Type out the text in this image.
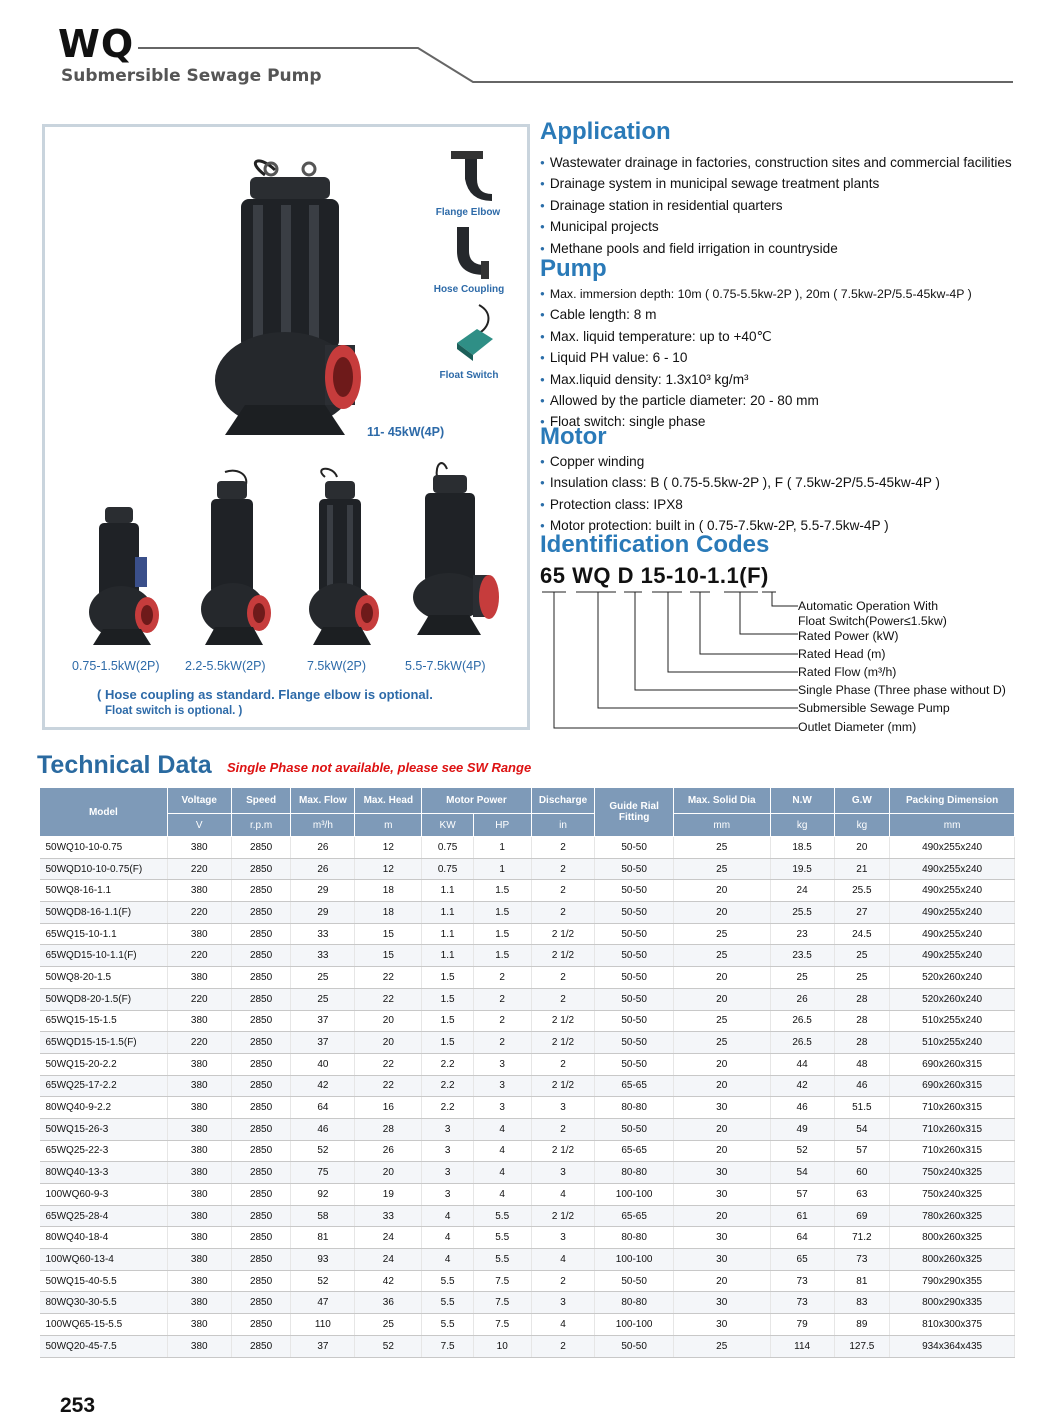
WQ
Submersible Sewage Pump
Flange Elbow
Hose Coupling
Float Switch
11- 45kW(4P)
0.75-1.5kW(2P) 2.2-5.5kW(2P)	7.5kW(2P)	5.5-7.5kW(4P)
( Hose coupling as standard. Flange elbow is optional.
Float switch is optional. )
Application
● Wastewater drainage in factories, construction sites and commercial facilities
● Drainage system in municipal sewage treatment plants
● Drainage station in residential quarters
● Municipal projects
● Methane pools and field irrigation in countryside
Pump
● Max. immersion depth: 10m ( 0.75-5.5kw-2P ), 20m ( 7.5kw-2P/5.5-45kw-4P )
● Cable length: 8 m
● Max. liquid temperature: up to +40℃
● Liquid PH value: 6 - 10
● Max.liquid density: 1.3x10³ kg/m³
● Allowed by the particle diameter: 20 - 80 mm
● Float switch: single phase
Motor
● Copper winding
● Insulation class: B ( 0.75-5.5kw-2P ), F ( 7.5kw-2P/5.5-45kw-4P )
● Protection class: IPX8
● Motor protection: built in ( 0.75-7.5kw-2P, 5.5-7.5kw-4P )
Identification Codes
65 WQ D 15-10-1.1(F)
Automatic Operation With
Float Switch(Power≤1.5kw)
Rated Power (kW)
Rated Head (m)
Rated Flow (m³/h)
Single Phase (Three phase without D)
Submersible Sewage Pump
Outlet Diameter (mm)
Technical Data Single Phase not available, please see SW Range
Model	Voltage	Speed	Max. Flow	Max. Head	Motor Power		Discharge	Guide Rial Fitting	Max. Solid Dia	N.W	G.W	Packing Dimension
	V	r.p.m	m³/h	m	KW	HP	in		mm	kg	kg	mm
50WQ10-10-0.75	380	2850	26	12	0.75	1	2	50-50	25	18.5	20	490x255x240
50WQD10-10-0.75(F)	220	2850	26	12	0.75	1	2	50-50	25	19.5	21	490x255x240
50WQ8-16-1.1	380	2850	29	18	1.1	1.5	2	50-50	20	24	25.5	490x255x240
50WQD8-16-1.1(F)	220	2850	29	18	1.1	1.5	2	50-50	20	25.5	27	490x255x240
65WQ15-10-1.1	380	2850	33	15	1.1	1.5	2 1/2	50-50	25	23	24.5	490x255x240
65WQD15-10-1.1(F)	220	2850	33	15	1.1	1.5	2 1/2	50-50	25	23.5	25	490x255x240
50WQ8-20-1.5	380	2850	25	22	1.5	2	2	50-50	20	25	25	520x260x240
50WQD8-20-1.5(F)	220	2850	25	22	1.5	2	2	50-50	20	26	28	520x260x240
65WQ15-15-1.5	380	2850	37	20	1.5	2	2 1/2	50-50	25	26.5	28	510x255x240
65WQD15-15-1.5(F)	220	2850	37	20	1.5	2	2 1/2	50-50	25	26.5	28	510x255x240
50WQ15-20-2.2	380	2850	40	22	2.2	3	2	50-50	20	44	48	690x260x315
65WQ25-17-2.2	380	2850	42	22	2.2	3	2 1/2	65-65	20	42	46	690x260x315
80WQ40-9-2.2	380	2850	64	16	2.2	3	3	80-80	30	46	51.5	710x260x315
50WQ15-26-3	380	2850	46	28	3	4	2	50-50	20	49	54	710x260x315
65WQ25-22-3	380	2850	52	26	3	4	2 1/2	65-65	20	52	57	710x260x315
80WQ40-13-3	380	2850	75	20	3	4	3	80-80	30	54	60	750x240x325
100WQ60-9-3	380	2850	92	19	3	4	4	100-100	30	57	63	750x240x325
65WQ25-28-4	380	2850	58	33	4	5.5	2 1/2	65-65	20	61	69	780x260x325
80WQ40-18-4	380	2850	81	24	4	5.5	3	80-80	30	64	71.2	800x260x325
100WQ60-13-4	380	2850	93	24	4	5.5	4	100-100	30	65	73	800x260x325
50WQ15-40-5.5	380	2850	52	42	5.5	7.5	2	50-50	20	73	81	790x290x355
80WQ30-30-5.5	380	2850	47	36	5.5	7.5	3	80-80	30	73	83	800x290x335
100WQ65-15-5.5	380	2850	110	25	5.5	7.5	4	100-100	30	79	89	810x300x375
50WQ20-45-7.5	380	2850	37	52	7.5	10	2	50-50	25	114	127.5	934x364x435
253
